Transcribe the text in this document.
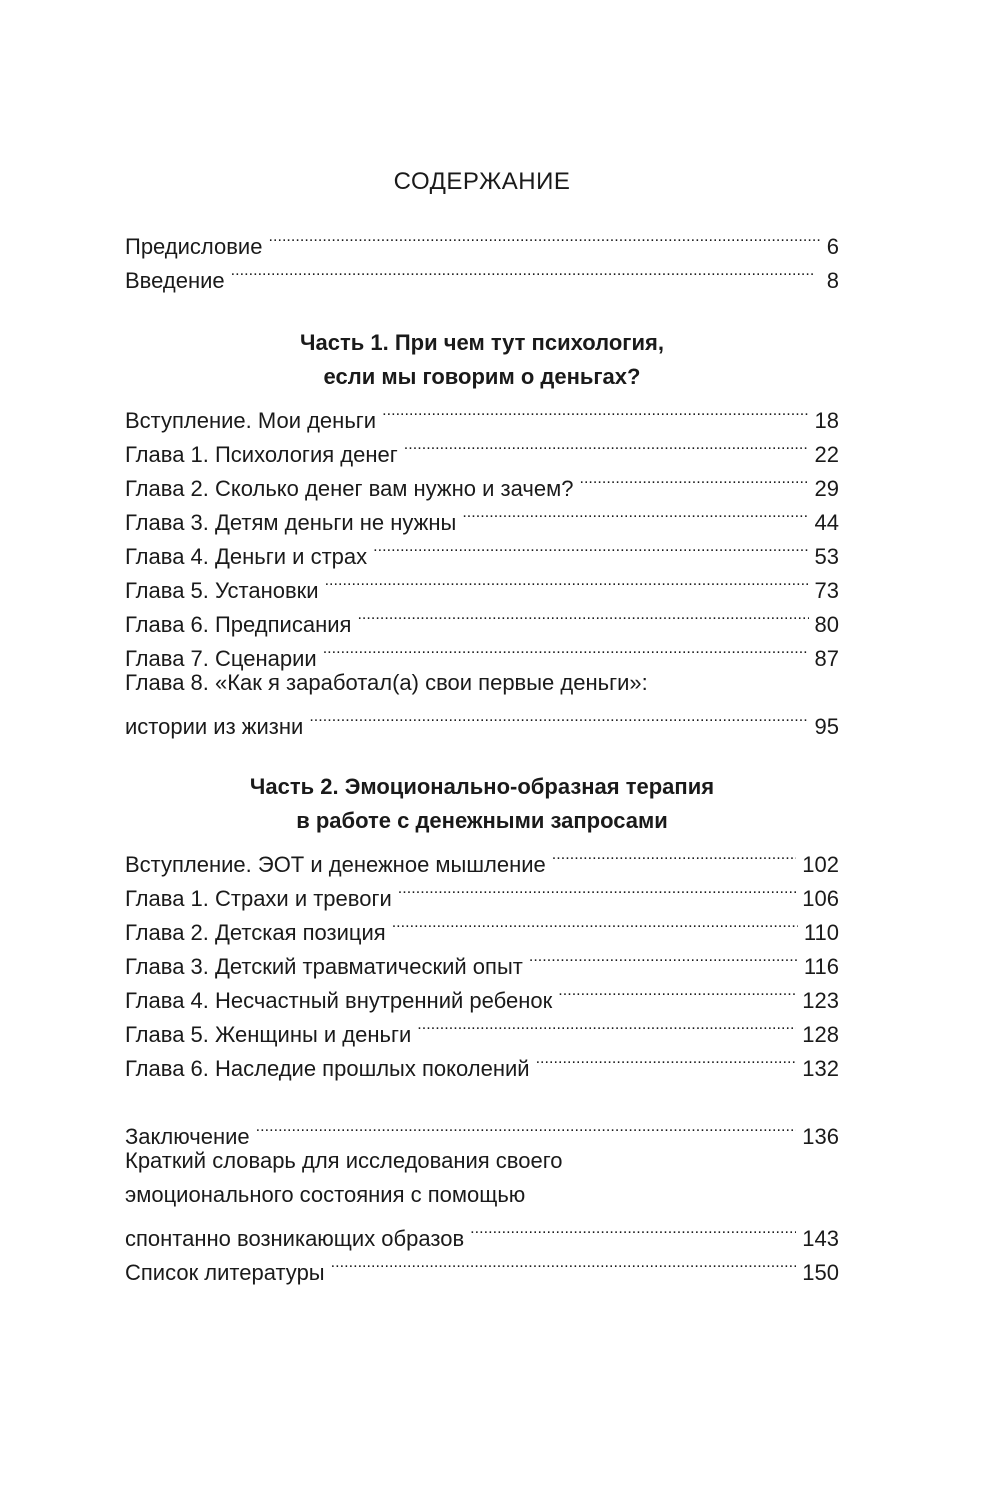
СОДЕРЖАНИЕ
Предисловие . . .	6
Введение . . .	8
Часть 1. При чем тут психология,
если мы говорим о деньгах?
Вступление. Мои деньги . . .	18
Глава 1. Психология денег . . .	22
Глава 2. Сколько денег вам нужно и зачем? . . .	29
Глава 3. Детям деньги не нужны . . .	44
Глава 4. Деньги и страх . . .	53
Глава 5. Установки . . .	73
Глава 6. Предписания . . .	80
Глава 7. Сценарии . . .	87
Глава 8. «Как я заработал(а) свои первые деньги»:
истории из жизни . . .	95
Часть 2. Эмоционально-образная терапия
в работе с денежными запросами
Вступление. ЭОТ и денежное мышление . . .	102
Глава 1. Страхи и тревоги . . .	106
Глава 2. Детская позиция . . .	110
Глава 3. Детский травматический опыт . . .	116
Глава 4. Несчастный внутренний ребенок . . .	123
Глава 5. Женщины и деньги . . .	128
Глава 6. Наследие прошлых поколений . . .	132
Заключение . . .	136
Краткий словарь для исследования своего
эмоционального состояния с помощью
спонтанно возникающих образов . . .	143
Список литературы . . .	150
